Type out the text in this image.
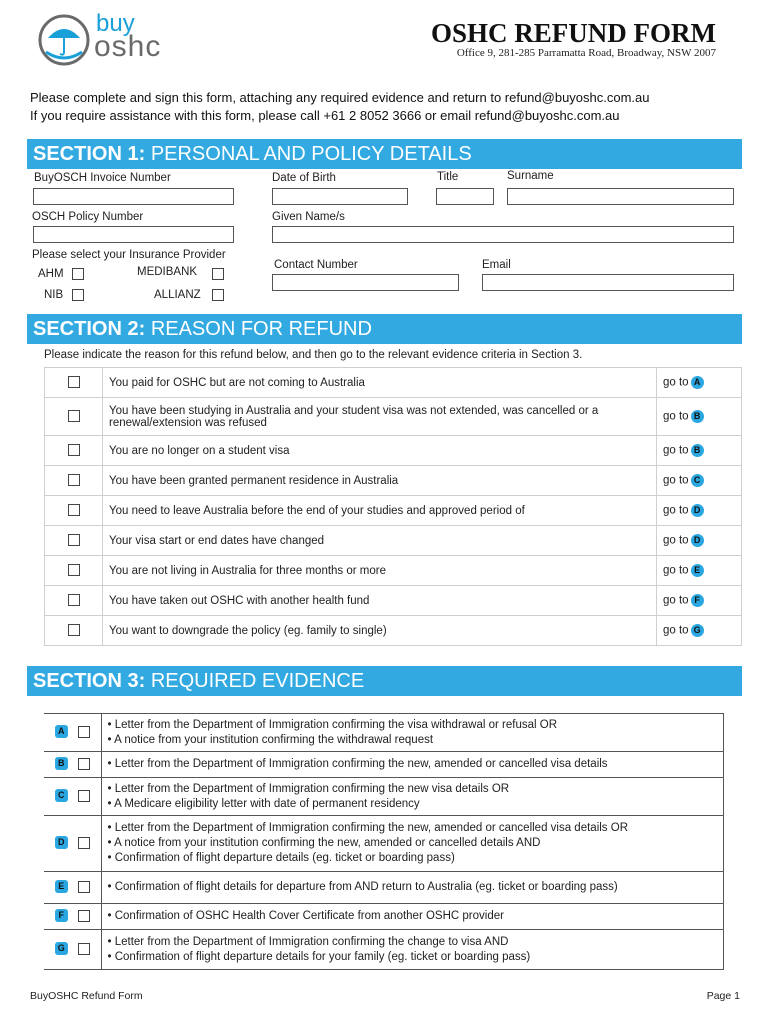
buy
oshc	OSHC REFUND FORM
Office 9, 281-285 Parramatta Road, Broadway, NSW 2007
Please complete and sign this form, attaching any required evidence and return to refund@buyoshc.com.au
If you require assistance with this form, please call +61 2 8052 3666 or email refund@buyoshc.com.au
SECTION 1: PERSONAL AND POLICY DETAILS
BuyOSCH Invoice Number	Date of Birth	Title	Surname
OSCH Policy Number	Given Name/s
Please select your Insurance Provider
AHM	MEDIBANK
NIB	ALLIANZ
Contact Number	Email
SECTION 2: REASON FOR REFUND
Please indicate the reason for this refund below, and then go to the relevant evidence criteria in Section 3.
	You paid for OSHC but are not coming to Australia	go to A
	You have been studying in Australia and your student visa was not extended, was cancelled or a renewal/extension was refused	go to B
	You are no longer on a student visa	go to B
	You have been granted permanent residence in Australia	go to C
	You need to leave Australia before the end of your studies and approved period of	go to D
	Your visa start or end dates have changed	go to D
	You are not living in Australia for three months or more	go to E
	You have taken out OSHC with another health fund	go to F
	You want to downgrade the policy (eg. family to single)	go to G
SECTION 3: REQUIRED EVIDENCE
A	• Letter from the Department of Immigration confirming the visa withdrawal or refusal OR
• A notice from your institution confirming the withdrawal request

B	• Letter from the Department of Immigration confirming the new, amended or cancelled visa details

C	• Letter from the Department of Immigration confirming the new visa details OR
• A Medicare eligibility letter with date of permanent residency

D	• Letter from the Department of Immigration confirming the new, amended or cancelled visa details OR
• A notice from your institution confirming the new, amended or cancelled details AND
• Confirmation of flight departure details (eg. ticket or boarding pass)

E	• Confirmation of flight details for departure from AND return to Australia (eg. ticket or boarding pass)

F	• Confirmation of OSHC Health Cover Certificate from another OSHC provider

G	• Letter from the Department of Immigration confirming the change to visa AND
• Confirmation of flight departure details for your family (eg. ticket or boarding pass)
BuyOSHC Refund Form	Page 1
